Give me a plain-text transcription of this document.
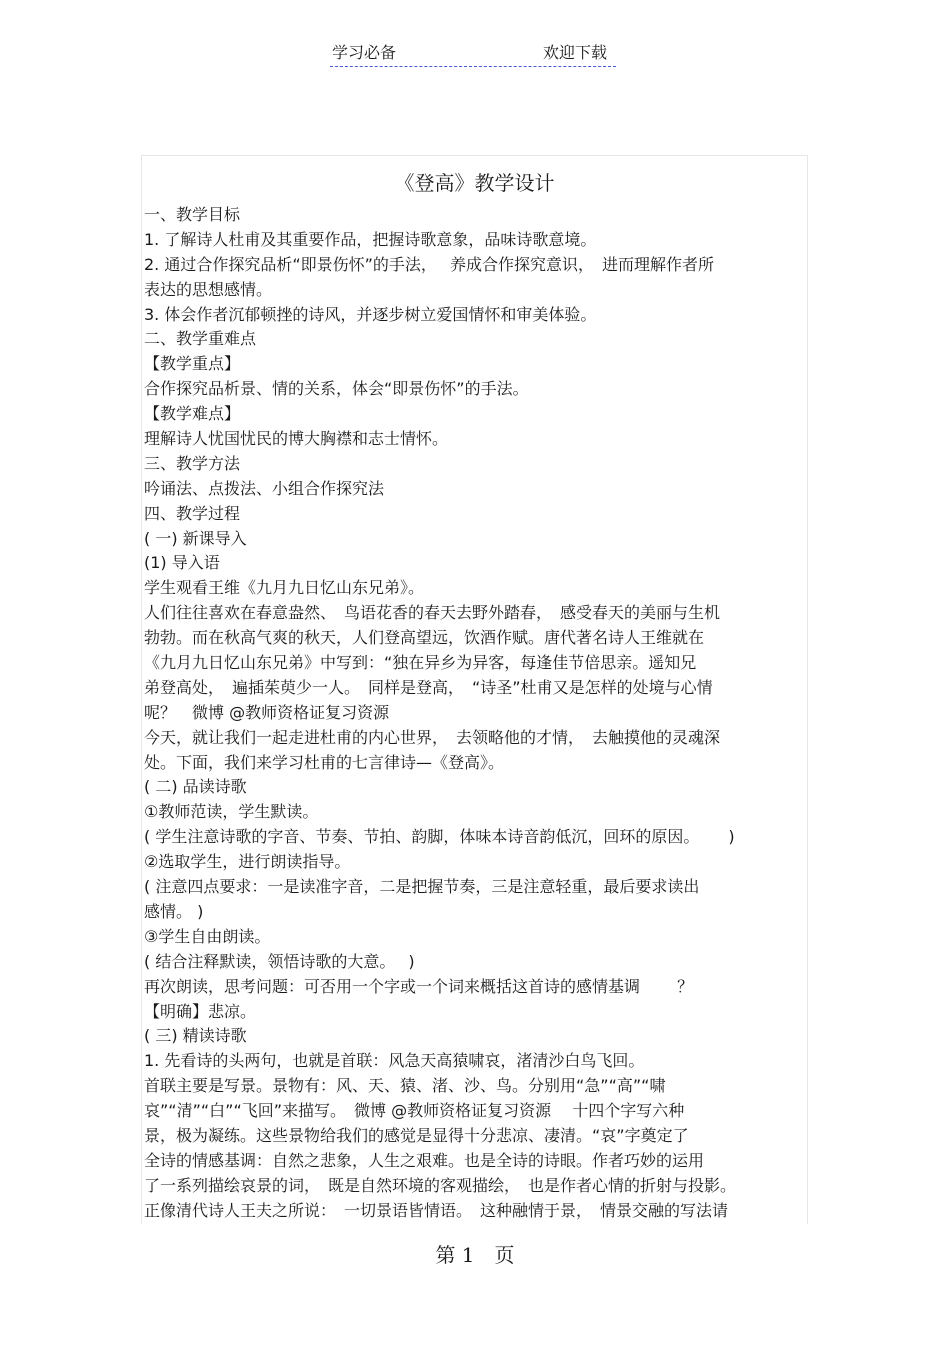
学习必备	欢迎下载
《登高》教学设计
一、教学目标
1. 了解诗人杜甫及其重要作品，把握诗歌意象，品味诗歌意境。
2. 通过合作探究品析“即景伤怀”的手法，　 养成合作探究意识，　进而理解作者所
表达的思想感情。
3. 体会作者沉郁顿挫的诗风，并逐步树立爱国情怀和审美体验。
二、教学重难点
【教学重点】
合作探究品析景、情的关系，体会“即景伤怀”的手法。
【教学难点】
理解诗人忧国忧民的博大胸襟和志士情怀。
三、教学方法
吟诵法、点拨法、小组合作探究法
四、教学过程
( 一) 新课导入
(1) 导入语
学生观看王维《九月九日忆山东兄弟》。
人们往往喜欢在春意盎然、　鸟语花香的春天去野外踏春，　感受春天的美丽与生机
勃勃。而在秋高气爽的秋天，人们登高望远，饮酒作赋。唐代著名诗人王维就在
《九月九日忆山东兄弟》中写到：“独在异乡为异客，每逢佳节倍思亲。遥知兄
弟登高处，　遍插茱萸少一人。　同样是登高，　“诗圣”杜甫又是怎样的处境与心情
呢？　微博 @教师资格证复习资源
今天，就让我们一起走进杜甫的内心世界，　去领略他的才情，　去触摸他的灵魂深
处。下面，我们来学习杜甫的七言律诗—《登高》。
( 二) 品读诗歌
①教师范读，学生默读。
( 学生注意诗歌的字音、节奏、节拍、韵脚，体味本诗音韵低沉，回环的原因。　　 )
②选取学生，进行朗读指导。
( 注意四点要求：一是读准字音，二是把握节奏，三是注意轻重，最后要求读出
感情。 )
③学生自由朗读。
( 结合注释默读，领悟诗歌的大意。　 )
再次朗读，思考问题：可否用一个字或一个词来概括这首诗的感情基调　　 ？
【明确】悲凉。
( 三) 精读诗歌
1. 先看诗的头两句，也就是首联：风急天高猿啸哀，渚清沙白鸟飞回。
首联主要是写景。景物有：风、天、猿、渚、沙、鸟。分别用“急”“高”“啸
哀”“清”“白”“飞回”来描写。　微博 @教师资格证复习资源　 十四个字写六种
景，极为凝练。这些景物给我们的感觉是显得十分悲凉、凄清。“哀”字奠定了
全诗的情感基调：自然之悲象，人生之艰难。也是全诗的诗眼。作者巧妙的运用
了一系列描绘哀景的词，　既是自然环境的客观描绘，　也是作者心情的折射与投影。
正像清代诗人王夫之所说：　一切景语皆情语。　这种融情于景，　情景交融的写法请
第 1　页
